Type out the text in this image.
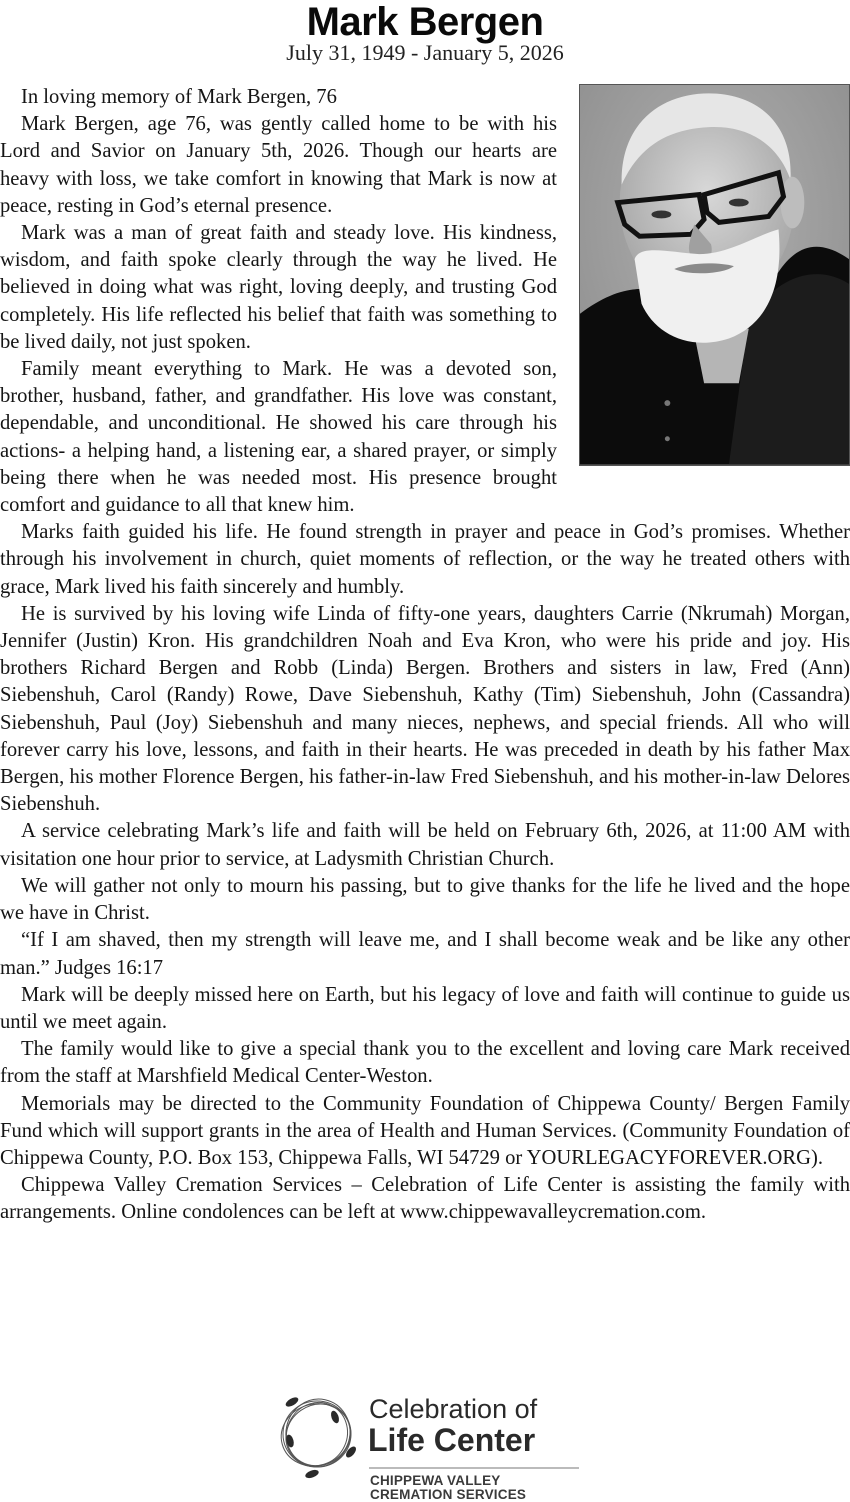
Mark Bergen
July 31, 1949 - January 5, 2026

In loving memory of Mark Bergen, 76

Mark Bergen, age 76, was gently called home to be with his Lord and Savior on January 5th, 2026. Though our hearts are heavy with loss, we take comfort in knowing that Mark is now at peace, resting in God’s eternal presence.

Mark was a man of great faith and steady love. His kindness, wisdom, and faith spoke clearly through the way he lived. He believed in doing what was right, loving deeply, and trusting God completely. His life reflected his belief that faith was something to be lived daily, not just spoken.

Family meant everything to Mark. He was a devoted son, brother, husband, father, and grandfather. His love was constant, dependable, and unconditional. He showed his care through his actions- a helping hand, a listening ear, a shared prayer, or simply being there when he was needed most. His presence brought comfort and guidance to all that knew him.

Marks faith guided his life. He found strength in prayer and peace in God’s promises. Whether through his involvement in church, quiet moments of reflection, or the way he treated others with grace, Mark lived his faith sincerely and humbly.

He is survived by his loving wife Linda of fifty-one years, daughters Carrie (Nkrumah) Morgan, Jennifer (Justin) Kron. His grandchildren Noah and Eva Kron, who were his pride and joy. His brothers Richard Bergen and Robb (Linda) Bergen. Brothers and sisters in law, Fred (Ann) Siebenshuh, Carol (Randy) Rowe, Dave Siebenshuh, Kathy (Tim) Siebenshuh, John (Cassandra) Siebenshuh, Paul (Joy) Siebenshuh and many nieces, nephews, and special friends. All who will forever carry his love, lessons, and faith in their hearts. He was preceded in death by his father Max Bergen, his mother Florence Bergen, his father-in-law Fred Siebenshuh, and his mother-in-law Delores Siebenshuh.

A service celebrating Mark’s life and faith will be held on February 6th, 2026, at 11:00 AM with visitation one hour prior to service, at Ladysmith Christian Church.

We will gather not only to mourn his passing, but to give thanks for the life he lived and the hope we have in Christ.

“If I am shaved, then my strength will leave me, and I shall become weak and be like any other man.” Judges 16:17

Mark will be deeply missed here on Earth, but his legacy of love and faith will continue to guide us until we meet again.

The family would like to give a special thank you to the excellent and loving care Mark received from the staff at Marshfield Medical Center-Weston.

Memorials may be directed to the Community Foundation of Chippewa County/ Bergen Family Fund which will support grants in the area of Health and Human Services. (Community Foundation of Chippewa County, P.O. Box 153, Chippewa Falls, WI 54729 or YOURLEGACYFOREVER.ORG).

Chippewa Valley Cremation Services – Celebration of Life Center is assisting the family with arrangements. Online condolences can be left at www.chippewavalleycremation.com.

Celebration of
Life Center
CHIPPEWA VALLEY
CREMATION SERVICES
